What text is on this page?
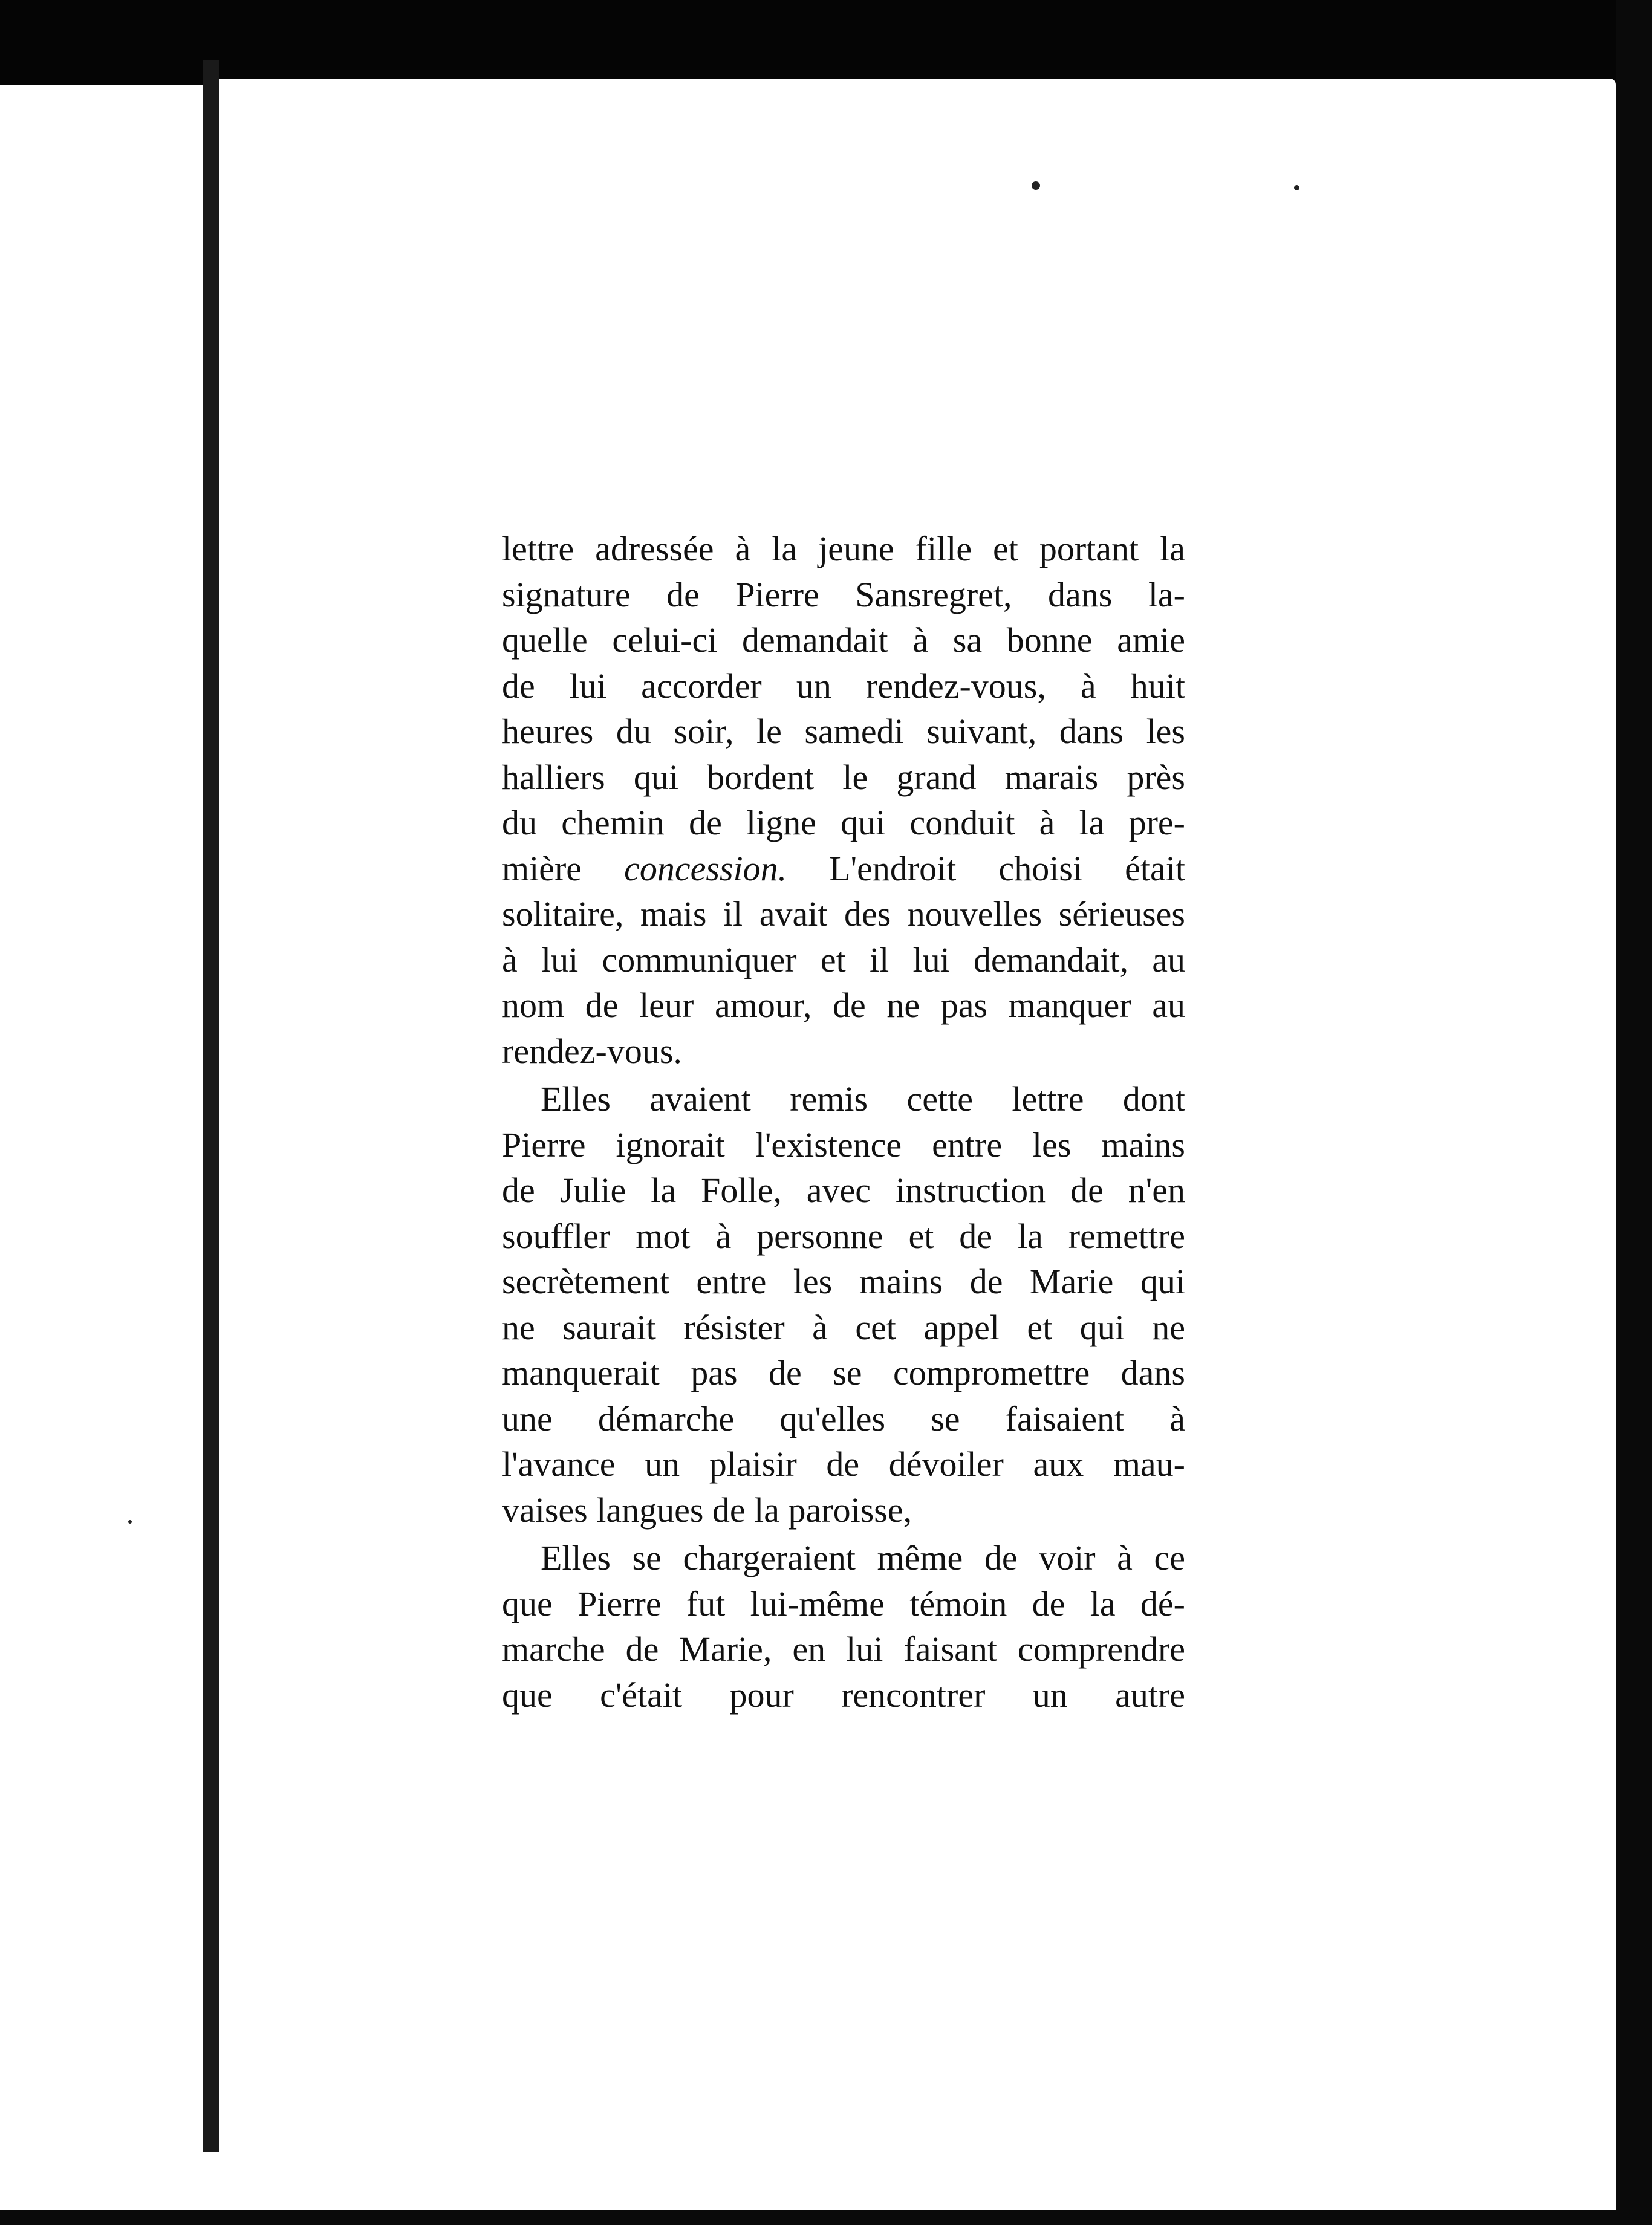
lettre adressée à la jeune fille et portant la
signature de Pierre Sansregret, dans la-
quelle celui-ci demandait à sa bonne amie
de lui accorder un rendez-vous, à huit
heures du soir, le samedi suivant, dans les
halliers qui bordent le grand marais près
du chemin de ligne qui conduit à la pre-
mière concession. L'endroit choisi était
solitaire, mais il avait des nouvelles sérieuses
à lui communiquer et il lui demandait, au
nom de leur amour, de ne pas manquer au
rendez-vous.
Elles avaient remis cette lettre dont
Pierre ignorait l'existence entre les mains
de Julie la Folle, avec instruction de n'en
souffler mot à personne et de la remettre
secrètement entre les mains de Marie qui
ne saurait résister à cet appel et qui ne
manquerait pas de se compromettre dans
une démarche qu'elles se faisaient à
l'avance un plaisir de dévoiler aux mau-
vaises langues de la paroisse,
Elles se chargeraient même de voir à ce
que Pierre fut lui-même témoin de la dé-
marche de Marie, en lui faisant comprendre
que c'était pour rencontrer un autre
